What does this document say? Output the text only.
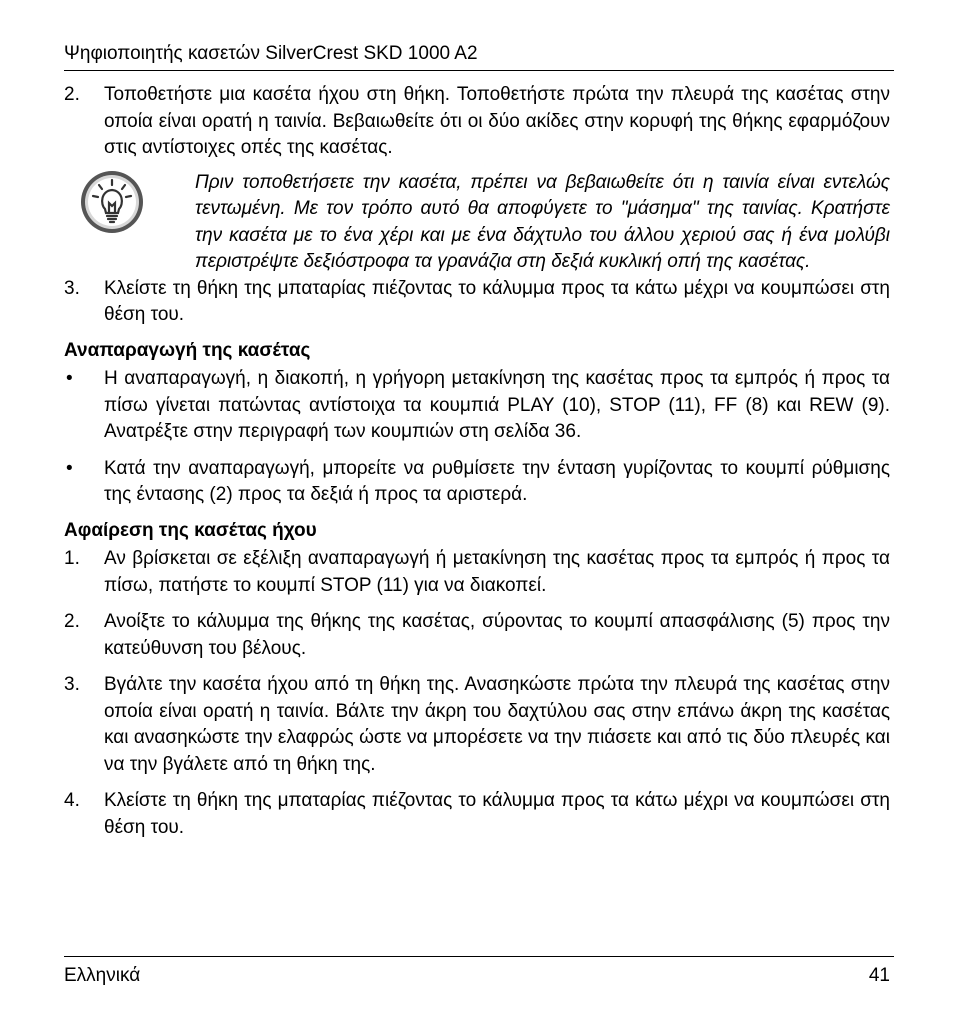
Ψηφιοποιητής κασετών SilverCrest SKD 1000 A2
2. Τοποθετήστε μια κασέτα ήχου στη θήκη. Τοποθετήστε πρώτα την πλευρά της κασέτας στην οποία είναι ορατή η ταινία. Βεβαιωθείτε ότι οι δύο ακίδες στην κορυφή της θήκης εφαρμόζουν στις αντίστοιχες οπές της κασέτας.
Πριν τοποθετήσετε την κασέτα, πρέπει να βεβαιωθείτε ότι η ταινία είναι εντελώς τεντωμένη. Με τον τρόπο αυτό θα αποφύγετε το "μάσημα" της ταινίας. Κρατήστε την κασέτα με το ένα χέρι και με ένα δάχτυλο του άλλου χεριού σας ή ένα μολύβι περιστρέψτε δεξιόστροφα τα γρανάζια στη δεξιά κυκλική οπή της κασέτας.
3. Κλείστε τη θήκη της μπαταρίας πιέζοντας το κάλυμμα προς τα κάτω μέχρι να κουμπώσει στη θέση του.
Αναπαραγωγή της κασέτας
• Η αναπαραγωγή, η διακοπή, η γρήγορη μετακίνηση της κασέτας προς τα εμπρός ή προς τα πίσω γίνεται πατώντας αντίστοιχα τα κουμπιά PLAY (10), STOP (11), FF (8) και REW (9). Ανατρέξτε στην περιγραφή των κουμπιών στη σελίδα 36.
• Κατά την αναπαραγωγή, μπορείτε να ρυθμίσετε την ένταση γυρίζοντας το κουμπί ρύθμισης της έντασης (2) προς τα δεξιά ή προς τα αριστερά.
Αφαίρεση της κασέτας ήχου
1. Αν βρίσκεται σε εξέλιξη αναπαραγωγή ή μετακίνηση της κασέτας προς τα εμπρός ή προς τα πίσω, πατήστε το κουμπί STOP (11) για να διακοπεί.
2. Ανοίξτε το κάλυμμα της θήκης της κασέτας, σύροντας το κουμπί απασφάλισης (5) προς την κατεύθυνση του βέλους.
3. Βγάλτε την κασέτα ήχου από τη θήκη της. Ανασηκώστε πρώτα την πλευρά της κασέτας στην οποία είναι ορατή η ταινία. Βάλτε την άκρη του δαχτύλου σας στην επάνω άκρη της κασέτας και ανασηκώστε την ελαφρώς ώστε να μπορέσετε να την πιάσετε και από τις δύο πλευρές και να την βγάλετε από τη θήκη της.
4. Κλείστε τη θήκη της μπαταρίας πιέζοντας το κάλυμμα προς τα κάτω μέχρι να κουμπώσει στη θέση του.
Ελληνικά	41
